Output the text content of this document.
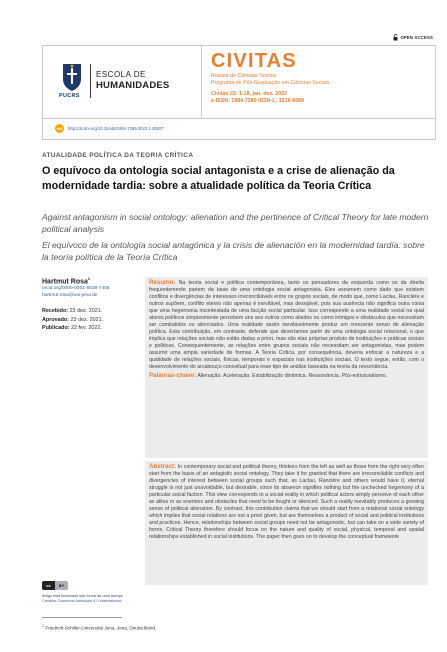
OPEN ACCESS
PUCRS
ESCOLA DE
HUMANIDADES
CIVITAS
Revista de Ciências Sociais
Programa de Pós-Graduação em Ciências Sociais
Civitas 22: 1-18, jan.-dez. 2022
e-ISSN: 1984-7289 ISSN-L: 1519-6089
doi	http://dx.doi.org/10.15448/1984-7289.2022.1.40837
ATUALIDADE POLÍTICA DA TEORIA CRÍTICA
O equívoco da ontologia social antagonista e a crise de alienação da modernidade tardia: sobre a atualidade política da Teoria Crítica
Against antagonism in social ontology: alienation and the pertinence of Critical Theory for late modern political analysis
El equívoco de la ontología social antagónica y la crisis de alienación en la modernidad tardía: sobre la teoría política de la Teoría Crítica
Hartmut Rosa$^1$
orcid.org/0000-0001-8638-7405
hartmut.rosa@uni-jena.de
Recebido: 23 dez. 2021.
Aprovado: 23 dez. 2021.
Publicado: 22 fev. 2022.
cc	BY
Artigo está licenciado sob forma de uma licença
Creative Commons Atribuição 4.0 Internacional.
$^1$ Friedrich-Schiller-Universität Jena, Jena, Deutschland.
Resumo: Na teoria social e política contemporânea, tanto os pensadores da esquerda como os da direita frequentemente partem da base de uma ontologia social antagonista. Eles assumem como dado que existem conflitos e divergências de interesses irreconciliáveis entre os grupos sociais, de modo que, como Laclau, Rancière e outros supõem, conflito eterno não apenas é inevitável, mas desejável, pois sua ausência não significa outra coisa que uma hegemonia incontestada de uma facção social particular. Isso corresponde a uma realidade social na qual atores políticos simplesmente percebem uns aos outros como aliados ou como inimigos e obstáculos que necessitam ser combatidos ou silenciados. Uma realidade assim inevitavelmente produz um crescente senso de alienação política. Esta contribuição, em contraste, defende que deveríamos partir de uma ontologia social relacional, o que implica que relações sociais não estão dadas a priori, mas são elas próprias produto de instituições e práticas sociais e políticas. Consequentemente, as relações entre grupos sociais não necessitam ser antagonistas, mas podem assumir uma ampla variedade de formas. A Teoria Crítica, por consequência, deveria enfocar a natureza e a qualidade de relações sociais, físicas, temporais e espaciais nas instituições sociais. O texto segue, então, com o desenvolvimento do arcabouço conceitual para esse tipo de análise baseada na teoria da ressonância.
Palavras-chave: Alienação. Aceleração. Estabilização dinâmica. Ressonância. Pós-estruturalismo.
Abstract: In contemporary social and political theory, thinkers from the left as well as those from the right very often start from the basis of an antagistic social ontology. They take it for granted that there are irreconcilable conflicts and divergencies of interest between social groups such that, as Laclau, Rancière and others would have it, eternal struggle is not just unavoidable, but desirable, since its absence signifies nothing but the unchecked hegemony of a particular social faction. This view corresponds to a social reality in which political actors simply perceive of each other as allies or as enemies and obstacles that need to be fought or silenced. Such a reality inevitably produces a growing sense of political alienation. By contrast, this contribution claims that we should start from a relational social ontology which implies that social relations are not a priori given, but are themselves a product of social and political institutions and practices. Hence, relationships between social groups need not be antagonistic, but can take on a wide variety of forms. Critical Theory therefore should focus on the nature and quality of social, physical, temporal and spatial relationships established in social institutions. The paper then goes on to develop the conceptual framework
